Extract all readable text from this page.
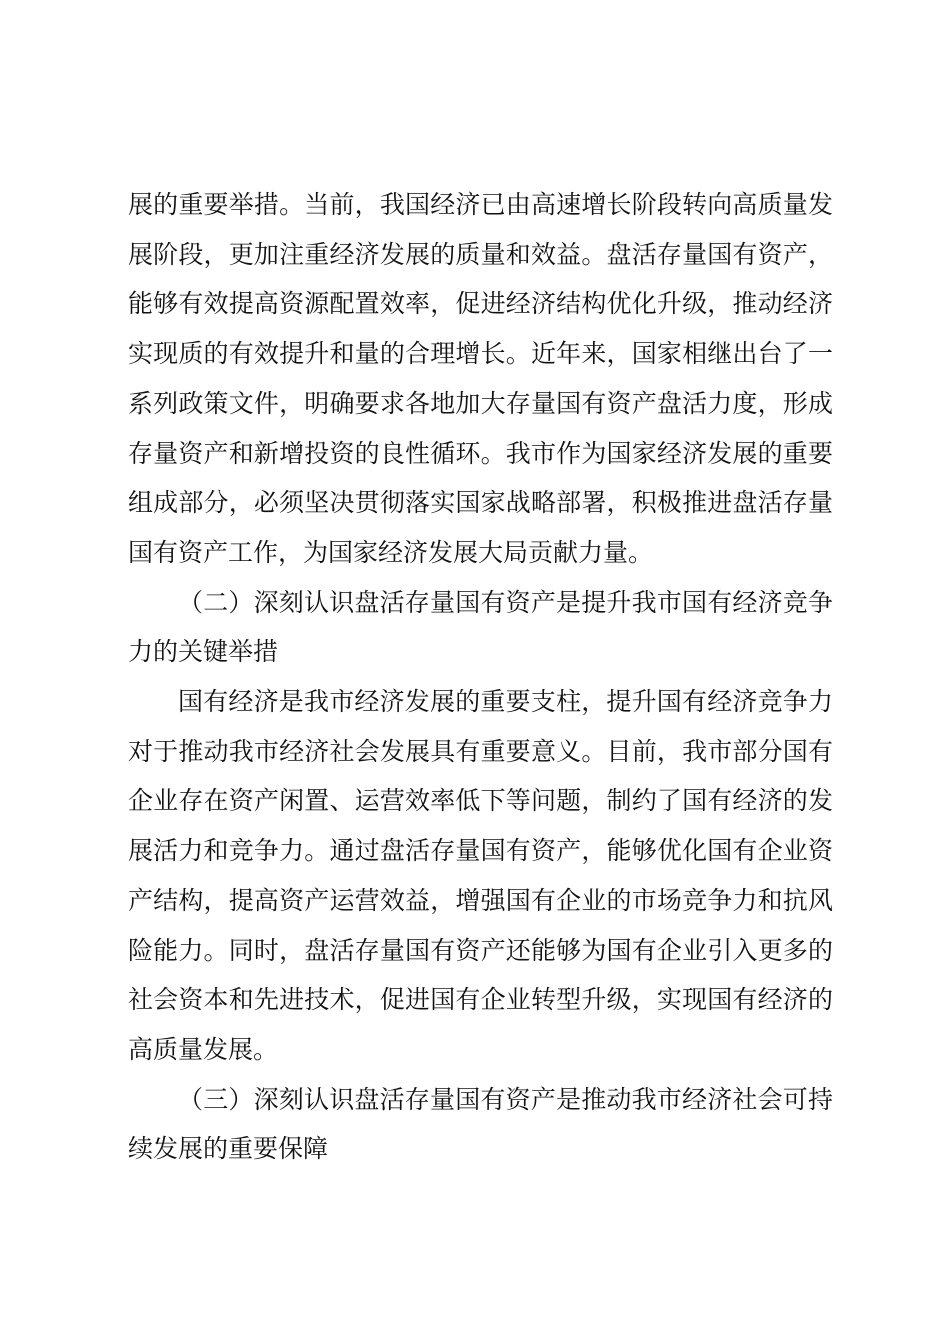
展的重要举措。当前，我国经济已由高速增长阶段转向高质量发展阶段，更加注重经济发展的质量和效益。盘活存量国有资产，能够有效提高资源配置效率，促进经济结构优化升级，推动经济实现质的有效提升和量的合理增长。近年来，国家相继出台了一系列政策文件，明确要求各地加大存量国有资产盘活力度，形成存量资产和新增投资的良性循环。我市作为国家经济发展的重要组成部分，必须坚决贯彻落实国家战略部署，积极推进盘活存量国有资产工作，为国家经济发展大局贡献力量。

（二）深刻认识盘活存量国有资产是提升我市国有经济竞争力的关键举措

国有经济是我市经济发展的重要支柱，提升国有经济竞争力对于推动我市经济社会发展具有重要意义。目前，我市部分国有企业存在资产闲置、运营效率低下等问题，制约了国有经济的发展活力和竞争力。通过盘活存量国有资产，能够优化国有企业资产结构，提高资产运营效益，增强国有企业的市场竞争力和抗风险能力。同时，盘活存量国有资产还能够为国有企业引入更多的社会资本和先进技术，促进国有企业转型升级，实现国有经济的高质量发展。

（三）深刻认识盘活存量国有资产是推动我市经济社会可持续发展的重要保障
